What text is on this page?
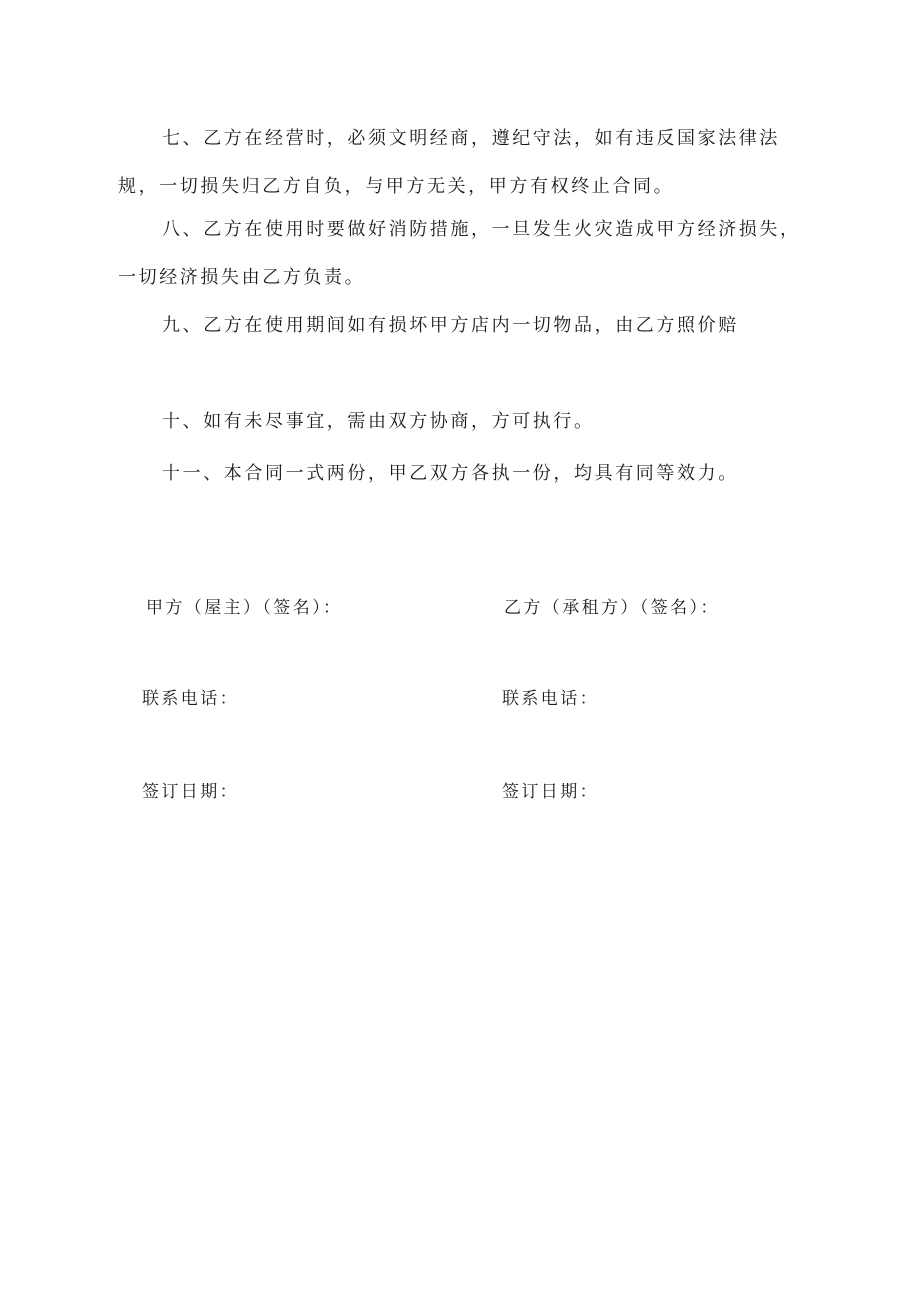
七、乙方在经营时，必须文明经商，遵纪守法，如有违反国家法律法规，一切损失归乙方自负，与甲方无关，甲方有权终止合同。

八、乙方在使用时要做好消防措施，一旦发生火灾造成甲方经济损失，一切经济损失由乙方负责。

九、乙方在使用期间如有损坏甲方店内一切物品，由乙方照价赔

十、如有未尽事宜，需由双方协商，方可执行。

十一、本合同一式两份，甲乙双方各执一份，均具有同等效力。

甲方（屋主）（签名）：	乙方（承租方）（签名）：

联系电话：	联系电话：

签订日期：	签订日期：
